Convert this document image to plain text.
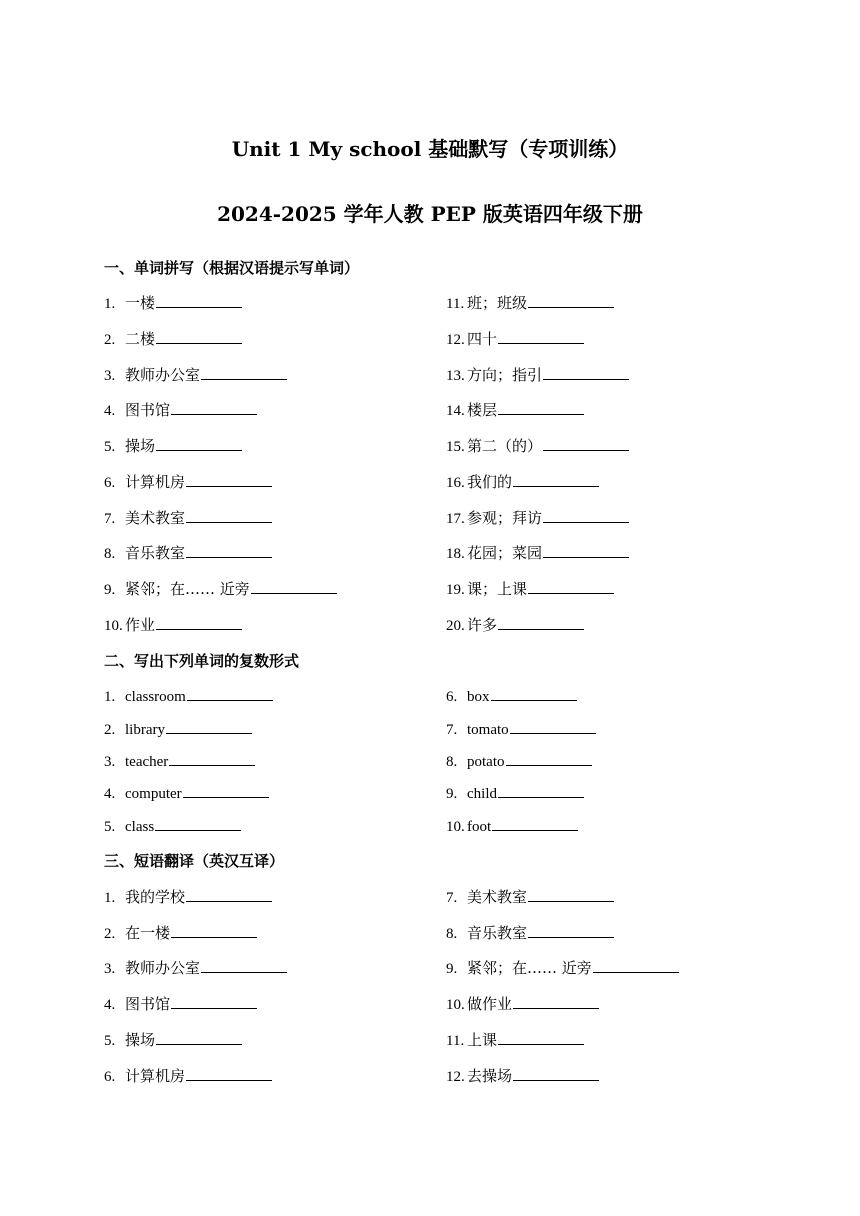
Unit 1 My school 基础默写（专项训练）
2024-2025 学年人教 PEP 版英语四年级下册
一、单词拼写（根据汉语提示写单词）
1. 一楼
2. 二楼
3. 教师办公室
4. 图书馆
5. 操场
6. 计算机房
7. 美术教室
8. 音乐教室
9. 紧邻；在…… 近旁
10. 作业
11. 班；班级
12. 四十
13. 方向；指引
14. 楼层
15. 第二（的）
16. 我们的
17. 参观；拜访
18. 花园；菜园
19. 课；上课
20. 许多
二、写出下列单词的复数形式
1. classroom
2. library
3. teacher
4. computer
5. class
6. box
7. tomato
8. potato
9. child
10. foot
三、短语翻译（英汉互译）
1. 我的学校
2. 在一楼
3. 教师办公室
4. 图书馆
5. 操场
6. 计算机房
7. 美术教室
8. 音乐教室
9. 紧邻；在…… 近旁
10. 做作业
11. 上课
12. 去操场
